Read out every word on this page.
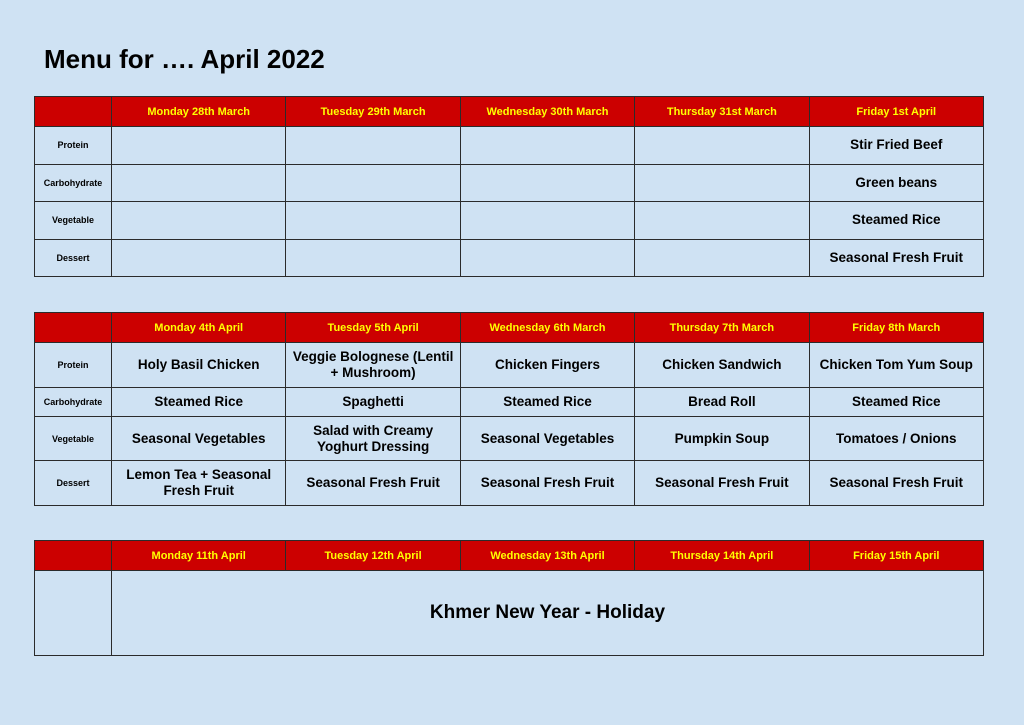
Menu for …. April 2022
	Monday 28th March	Tuesday 29th March	Wednesday 30th March	Thursday 31st March	Friday 1st April
Protein					Stir Fried Beef
Carbohydrate					Green beans
Vegetable					Steamed Rice
Dessert					Seasonal Fresh Fruit
	Monday 4th April	Tuesday 5th April	Wednesday 6th March	Thursday 7th March	Friday 8th March
Protein	Holy Basil Chicken	Veggie Bolognese (Lentil + Mushroom)	Chicken Fingers	Chicken Sandwich	Chicken Tom Yum Soup
Carbohydrate	Steamed Rice	Spaghetti	Steamed Rice	Bread Roll	Steamed Rice
Vegetable	Seasonal Vegetables	Salad with Creamy Yoghurt Dressing	Seasonal Vegetables	Pumpkin Soup	Tomatoes / Onions
Dessert	Lemon Tea + Seasonal Fresh Fruit	Seasonal Fresh Fruit	Seasonal Fresh Fruit	Seasonal Fresh Fruit	Seasonal Fresh Fruit
	Monday 11th April	Tuesday 12th April	Wednesday 13th April	Thursday 14th April	Friday 15th April
	Khmer New Year - Holiday				
